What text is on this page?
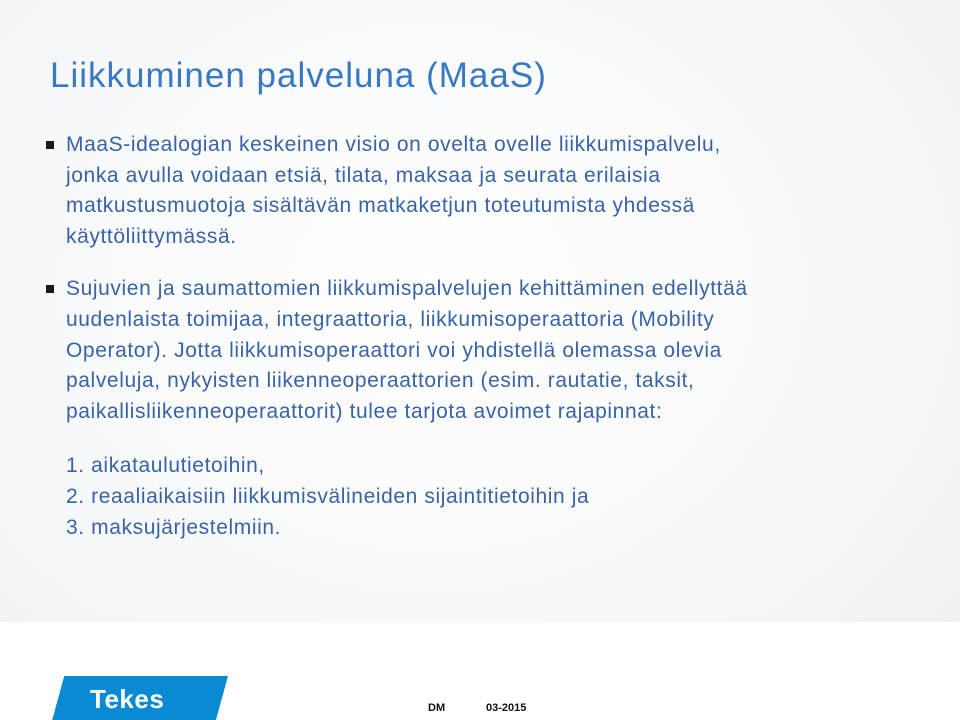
Liikkuminen palveluna (MaaS)
MaaS-idealogian keskeinen visio on ovelta ovelle liikkumispalvelu,
jonka avulla voidaan etsiä, tilata, maksaa ja seurata erilaisia
matkustusmuotoja sisältävän matkaketjun toteutumista yhdessä
käyttöliittymässä.
Sujuvien ja saumattomien liikkumispalvelujen kehittäminen edellyttää
uudenlaista toimijaa, integraattoria, liikkumisoperaattoria (Mobility
Operator). Jotta liikkumisoperaattori voi yhdistellä olemassa olevia
palveluja, nykyisten liikenneoperaattorien (esim. rautatie, taksit,
paikallisliikenneoperaattorit) tulee tarjota avoimet rajapinnat:
1. aikataulutietoihin,
2. reaaliaikaisiin liikkumisvälineiden sijaintitietoihin ja
3. maksujärjestelmiin.
Tekes	DM	03-2015
